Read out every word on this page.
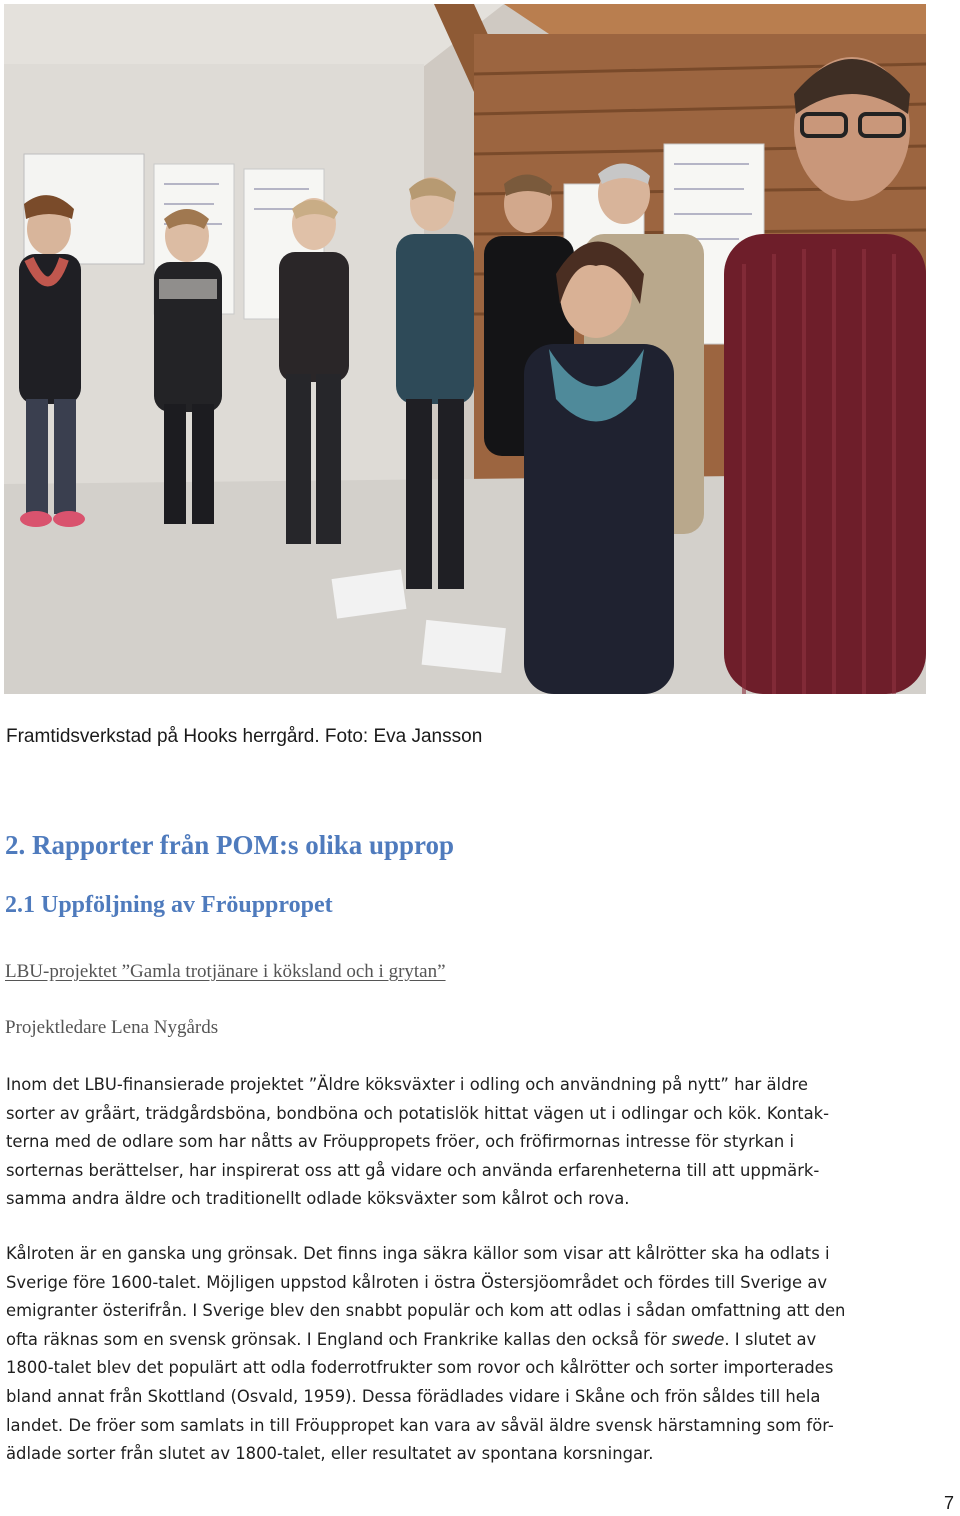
Framtidsverkstad på Hooks herrgård. Foto: Eva Jansson
2. Rapporter från POM:s olika upprop
2.1 Uppföljning av Fröuppropet
LBU-projektet ”Gamla trotjänare i köksland och i grytan”
Projektledare Lena Nygårds

Inom det LBU-finansierade projektet ”Äldre köksväxter i odling och användning på nytt” har äldre
sorter av gråärt, trädgårdsböna, bondböna och potatislök hittat vägen ut i odlingar och kök. Kontak-
terna med de odlare som har nåtts av Fröuppropets fröer, och fröfirmornas intresse för styrkan i
sorternas berättelser, har inspirerat oss att gå vidare och använda erfarenheterna till att uppmärk-
samma andra äldre och traditionellt odlade köksväxter som kålrot och rova.

Kålroten är en ganska ung grönsak. Det finns inga säkra källor som visar att kålrötter ska ha odlats i
Sverige före 1600-talet. Möjligen uppstod kålroten i östra Östersjöområdet och fördes till Sverige av
emigranter österifrån. I Sverige blev den snabbt populär och kom att odlas i sådan omfattning att den
ofta räknas som en svensk grönsak. I England och Frankrike kallas den också för swede. I slutet av
1800-talet blev det populärt att odla foderrotfrukter som rovor och kålrötter och sorter importerades
bland annat från Skottland (Osvald, 1959). Dessa förädlades vidare i Skåne och frön såldes till hela
landet. De fröer som samlats in till Fröuppropet kan vara av såväl äldre svensk härstamning som för-
ädlade sorter från slutet av 1800-talet, eller resultatet av spontana korsningar.

7
